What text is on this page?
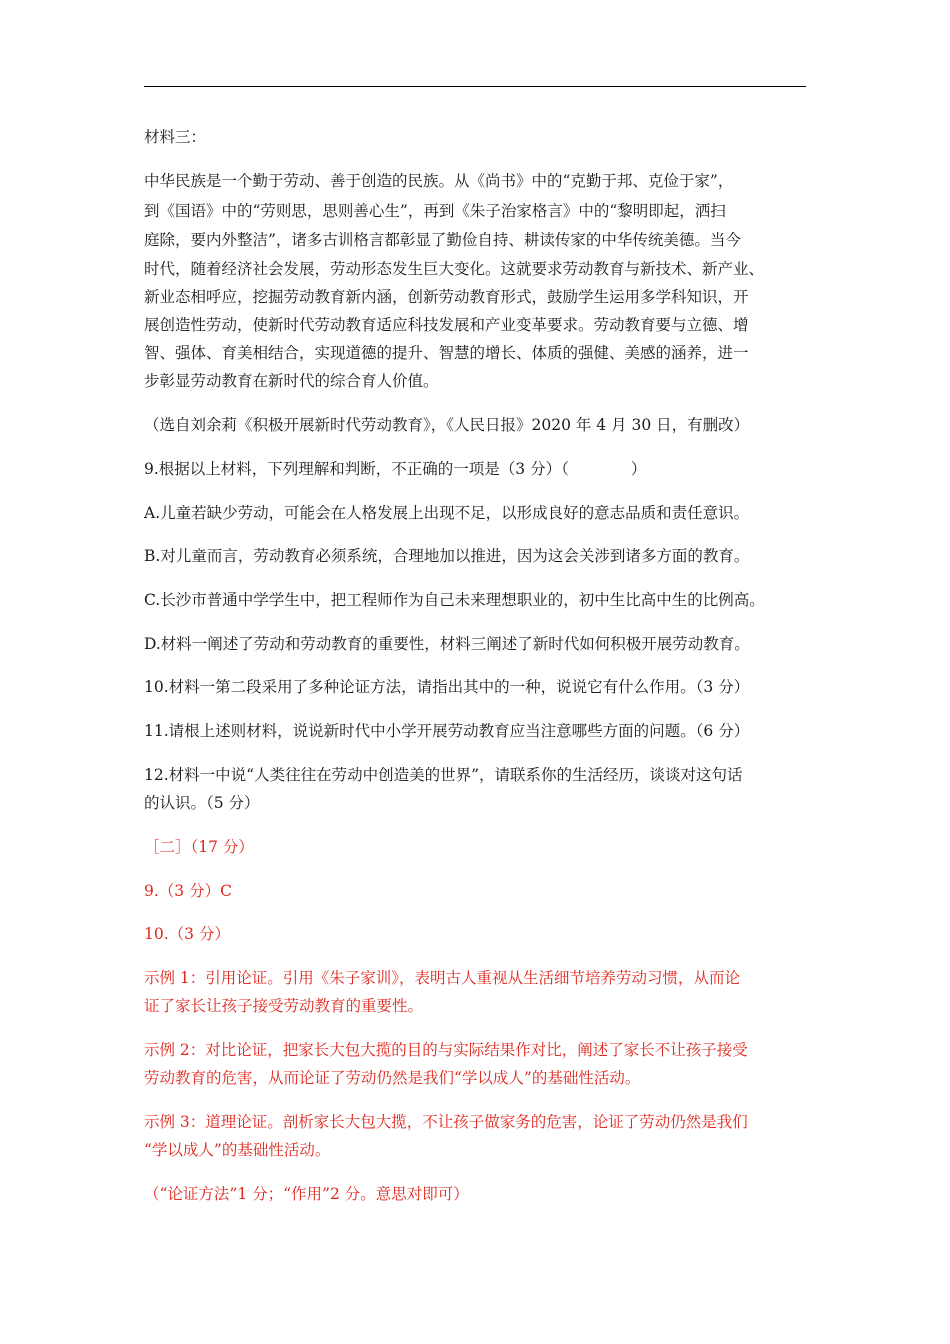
材料三：

中华民族是一个勤于劳动、善于创造的民族。从《尚书》中的“克勤于邦、克俭于家”，

到《国语》中的“劳则思，思则善心生”，再到《朱子治家格言》中的“黎明即起，洒扫

庭除，要内外整洁”，诸多古训格言都彰显了勤俭自持、耕读传家的中华传统美德。当今

时代，随着经济社会发展，劳动形态发生巨大变化。这就要求劳动教育与新技术、新产业、

新业态相呼应，挖掘劳动教育新内涵，创新劳动教育形式，鼓励学生运用多学科知识，开

展创造性劳动，使新时代劳动教育适应科技发展和产业变革要求。劳动教育要与立德、增

智、强体、育美相结合，实现道德的提升、智慧的增长、体质的强健、美感的涵养，进一

步彰显劳动教育在新时代的综合育人价值。

（选自刘余莉《积极开展新时代劳动教育》，《人民日报》2020 年 4 月 30 日，有删改）

9.根据以上材料，下列理解和判断，不正确的一项是（3 分）（	）

A.儿童若缺少劳动，可能会在人格发展上出现不足，以形成良好的意志品质和责任意识。

B.对儿童而言，劳动教育必须系统，合理地加以推进，因为这会关涉到诸多方面的教育。

C.长沙市普通中学学生中，把工程师作为自己未来理想职业的，初中生比高中生的比例高。

D.材料一阐述了劳动和劳动教育的重要性，材料三阐述了新时代如何积极开展劳动教育。

10.材料一第二段采用了多种论证方法，请指出其中的一种，说说它有什么作用。（3 分）

11.请根上述则材料，说说新时代中小学开展劳动教育应当注意哪些方面的问题。（6 分）

12.材料一中说“人类往往在劳动中创造美的世界”，请联系你的生活经历，谈谈对这句话

的认识。（5 分）

［二］（17 分）

9.（3 分）C

10.（3 分）

示例 1：引用论证。引用《朱子家训》，表明古人重视从生活细节培养劳动习惯，从而论

证了家长让孩子接受劳动教育的重要性。

示例 2：对比论证，把家长大包大揽的目的与实际结果作对比，阐述了家长不让孩子接受

劳动教育的危害，从而论证了劳动仍然是我们“学以成人”的基础性活动。

示例 3：道理论证。剖析家长大包大揽，不让孩子做家务的危害，论证了劳动仍然是我们

“学以成人”的基础性活动。

（“论证方法”1 分；“作用”2 分。意思对即可）
